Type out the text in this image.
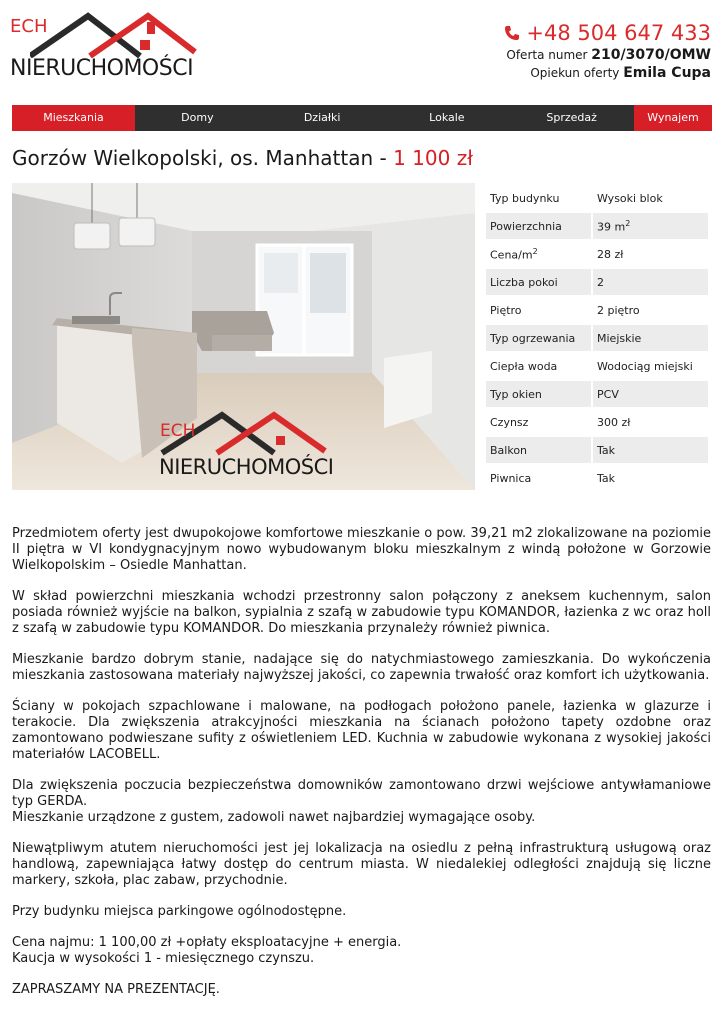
ECH
NIERUCHOMOŚCI
+48 504 647 433
Oferta numer 210/3070/OMW
Opiekun oferty Emila Cupa
Mieszkania	Domy	Działki	Lokale	Sprzedaż	Wynajem
Gorzów Wielkopolski, os. Manhattan - 1 100 zł
ECH
NIERUCHOMOŚCI
Typ budynku	Wysoki blok
Powierzchnia	39 $m^2$
Cena/$m^2$	28 zł
Liczba pokoi	2
Piętro	2 piętro
Typ ogrzewania	Miejskie
Ciepła woda	Wodociąg miejski
Typ okien	PCV
Czynsz	300 zł
Balkon	Tak
Piwnica	Tak

Przedmiotem oferty jest dwupokojowe komfortowe mieszkanie o pow. 39,21 m2 zlokalizowane na poziomie II piętra w VI kondygnacyjnym nowo wybudowanym bloku mieszkalnym z windą położone w Gorzowie Wielkopolskim – Osiedle Manhattan.

W skład powierzchni mieszkania wchodzi przestronny salon połączony z aneksem kuchennym, salon posiada również wyjście na balkon, sypialnia z szafą w zabudowie typu KOMANDOR, łazienka z wc oraz holl z szafą w zabudowie typu KOMANDOR. Do mieszkania przynależy również piwnica.

Mieszkanie bardzo dobrym stanie, nadające się do natychmiastowego zamieszkania. Do wykończenia mieszkania zastosowana materiały najwyższej jakości, co zapewnia trwałość oraz komfort ich użytkowania.

Ściany w pokojach szpachlowane i malowane, na podłogach położono panele, łazienka w glazurze i terakocie. Dla zwiększenia atrakcyjności mieszkania na ścianach położono tapety ozdobne oraz zamontowano podwieszane sufity z oświetleniem LED. Kuchnia w zabudowie wykonana z wysokiej jakości materiałów LACOBELL.

Dla zwiększenia poczucia bezpieczeństwa domowników zamontowano drzwi wejściowe antywłamaniowe typ GERDA.
Mieszkanie urządzone z gustem, zadowoli nawet najbardziej wymagające osoby.

Niewątpliwym atutem nieruchomości jest jej lokalizacja na osiedlu z pełną infrastrukturą usługową oraz handlową, zapewniająca łatwy dostęp do centrum miasta. W niedalekiej odległości znajdują się liczne markery, szkoła, plac zabaw, przychodnie.

Przy budynku miejsca parkingowe ogólnodostępne.

Cena najmu: 1 100,00 zł +opłaty eksploatacyjne + energia.
Kaucja w wysokości 1 - miesięcznego czynszu.

ZAPRASZAMY NA PREZENTACJĘ.
